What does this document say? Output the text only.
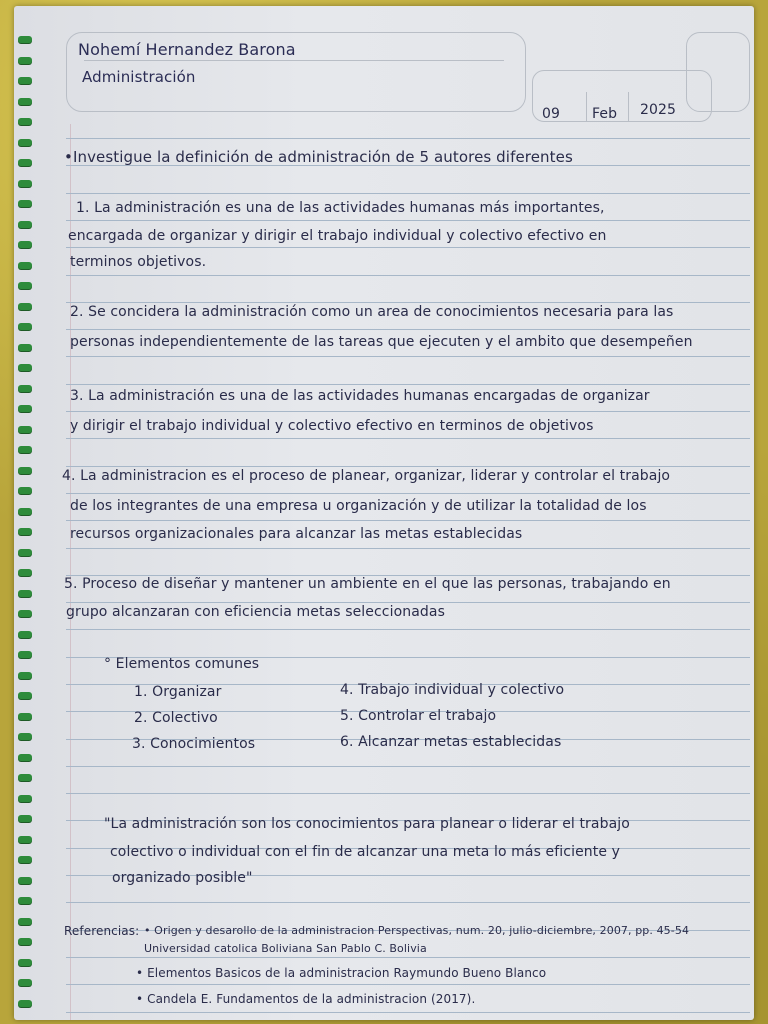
Nohemí Hernandez Barona
Administración
09 Feb 2025
•Investigue la definición de administración de 5 autores diferentes
1. La administración es una de las actividades humanas más importantes,
encargada de organizar y dirigir el trabajo individual y colectivo efectivo en
terminos objetivos.
2. Se concidera la administración como un area de conocimientos necesaria para las
personas independientemente de las tareas que ejecuten y el ambito que desempeñen
3. La administración es una de las actividades humanas encargadas de organizar
y dirigir el trabajo individual y colectivo efectivo en terminos de objetivos
4. La administracion es el proceso de planear, organizar, liderar y controlar el trabajo
de los integrantes de una empresa u organización y de utilizar la totalidad de los
recursos organizacionales para alcanzar las metas establecidas
5. Proceso de diseñar y mantener un ambiente en el que las personas, trabajando en
grupo alcanzaran con eficiencia metas seleccionadas
° Elementos comunes
1. Organizar
2. Colectivo
3. Conocimientos
4. Trabajo individual y colectivo
5. Controlar el trabajo
6. Alcanzar metas establecidas
"La administración son los conocimientos para planear o liderar el trabajo
colectivo o individual con el fin de alcanzar una meta lo más eficiente y
organizado posible"
Referencias: • Origen y desarollo de la administracion Perspectivas, num. 20, julio-diciembre, 2007, pp. 45-54
Universidad catolica Boliviana San Pablo C. Bolivia
• Elementos Basicos de la administracion Raymundo Bueno Blanco
• Candela E. Fundamentos de la administracion (2017).
